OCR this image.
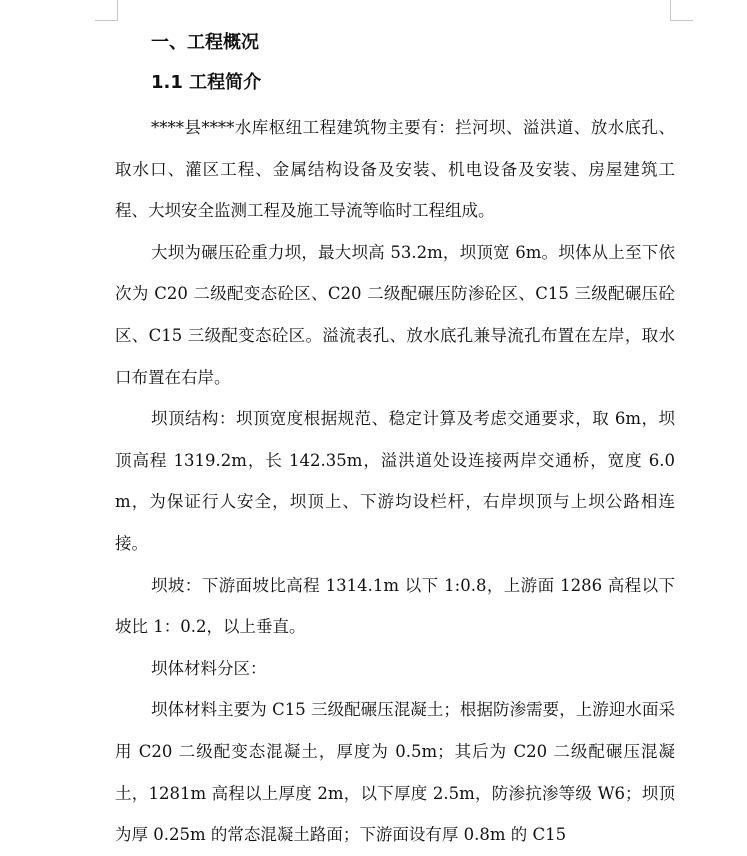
一、工程概况
1.1 工程简介

****县****水库枢纽工程建筑物主要有：拦河坝、溢洪道、放水底孔、取水口、灌区工程、金属结构设备及安装、机电设备及安装、房屋建筑工程、大坝安全监测工程及施工导流等临时工程组成。

大坝为碾压砼重力坝，最大坝高 53.2m，坝顶宽 6m。坝体从上至下依次为 C20 二级配变态砼区、C20 二级配碾压防渗砼区、C15 三级配碾压砼区、C15 三级配变态砼区。溢流表孔、放水底孔兼导流孔布置在左岸，取水口布置在右岸。

坝顶结构：坝顶宽度根据规范、稳定计算及考虑交通要求，取 6m，坝顶高程 1319.2m，长 142.35m，溢洪道处设连接两岸交通桥，宽度 6.0m，为保证行人安全，坝顶上、下游均设栏杆，右岸坝顶与上坝公路相连接。

坝坡：下游面坡比高程 1314.1m 以下 1:0.8，上游面 1286 高程以下坡比 1：0.2，以上垂直。

坝体材料分区：

坝体材料主要为 C15 三级配碾压混凝土；根据防渗需要，上游迎水面采用 C20 二级配变态混凝土，厚度为 0.5m；其后为 C20 二级配碾压混凝土，1281m 高程以上厚度 2m，以下厚度 2.5m，防渗抗渗等级 W6；坝顶为厚 0.25m 的常态混凝土路面；下游面设有厚 0.8m 的 C15
